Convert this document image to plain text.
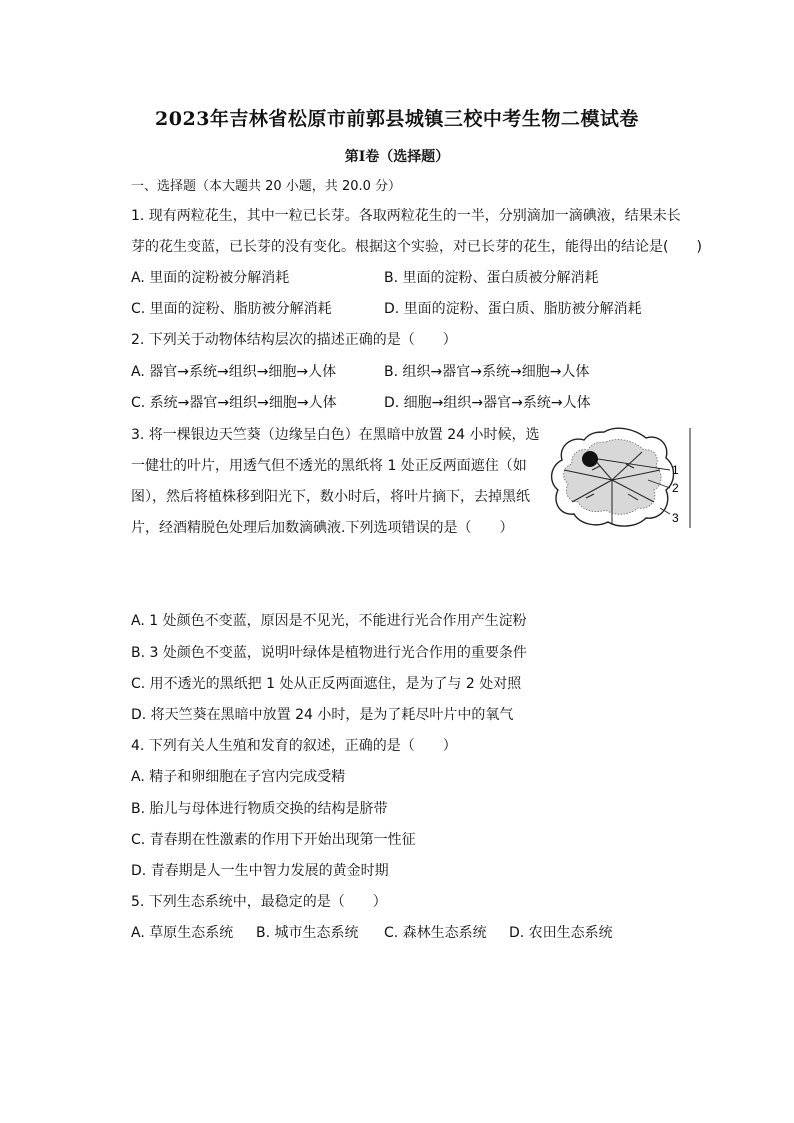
2023年吉林省松原市前郭县城镇三校中考生物二模试卷
第I卷（选择题）
一、选择题（本大题共 20 小题，共 20.0 分）
1. 现有两粒花生，其中一粒已长芽。各取两粒花生的一半，分别滴加一滴碘液，结果未长
芽的花生变蓝，已长芽的没有变化。根据这个实验，对已长芽的花生，能得出的结论是(　　)
A. 里面的淀粉被分解消耗	B. 里面的淀粉、蛋白质被分解消耗
C. 里面的淀粉、脂肪被分解消耗	D. 里面的淀粉、蛋白质、脂肪被分解消耗
2. 下列关于动物体结构层次的描述正确的是（　　）
A. 器官→系统→组织→细胞→人体	B. 组织→器官→系统→细胞→人体
C. 系统→器官→组织→细胞→人体	D. 细胞→组织→器官→系统→人体
3. 将一棵银边天竺葵（边缘呈白色）在黑暗中放置 24 小时候，选
一健壮的叶片，用透气但不透光的黑纸将 1 处正反两面遮住（如
图），然后将植株移到阳光下，数小时后，将叶片摘下，去掉黑纸
片，经酒精脱色处理后加数滴碘液.下列选项错误的是（　　）
1
2
3
A. 1 处颜色不变蓝，原因是不见光，不能进行光合作用产生淀粉
B. 3 处颜色不变蓝，说明叶绿体是植物进行光合作用的重要条件
C. 用不透光的黑纸把 1 处从正反两面遮住，是为了与 2 处对照
D. 将天竺葵在黑暗中放置 24 小时，是为了耗尽叶片中的氧气
4. 下列有关人生殖和发育的叙述，正确的是（　　）
A. 精子和卵细胞在子宫内完成受精
B. 胎儿与母体进行物质交换的结构是脐带
C. 青春期在性激素的作用下开始出现第一性征
D. 青春期是人一生中智力发展的黄金时期
5. 下列生态系统中，最稳定的是（　　）
A. 草原生态系统 B. 城市生态系统 C. 森林生态系统 D. 农田生态系统
